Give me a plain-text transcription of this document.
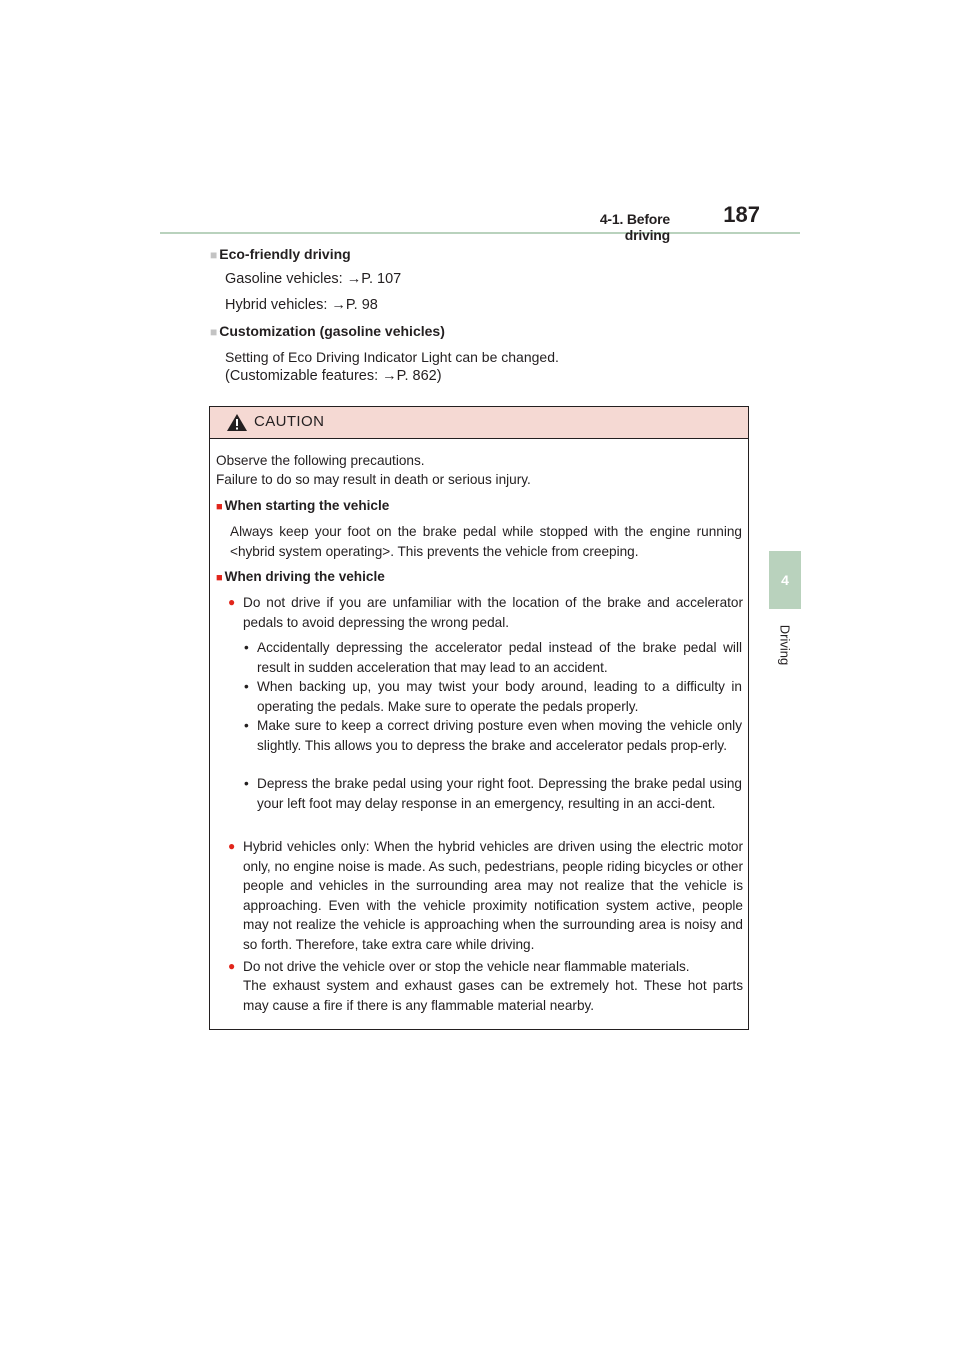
4-1. Before driving
187
4
Driving
■ Eco-friendly driving
Gasoline vehicles: →P. 107
Hybrid vehicles: →P. 98
■ Customization (gasoline vehicles)
Setting of Eco Driving Indicator Light can be changed.
(Customizable features: →P. 862)
CAUTION
Observe the following precautions.
Failure to do so may result in death or serious injury.
■ When starting the vehicle
Always keep your foot on the brake pedal while stopped with the engine running <hybrid system operating>. This prevents the vehicle from creeping.
■ When driving the vehicle
● Do not drive if you are unfamiliar with the location of the brake and accelerator pedals to avoid depressing the wrong pedal.
• Accidentally depressing the accelerator pedal instead of the brake pedal will result in sudden acceleration that may lead to an accident.
• When backing up, you may twist your body around, leading to a difficulty in operating the pedals. Make sure to operate the pedals properly.
• Make sure to keep a correct driving posture even when moving the vehicle only slightly. This allows you to depress the brake and accelerator pedals prop-erly.
• Depress the brake pedal using your right foot. Depressing the brake pedal using your left foot may delay response in an emergency, resulting in an acci-dent.
● Hybrid vehicles only: When the hybrid vehicles are driven using the electric motor only, no engine noise is made. As such, pedestrians, people riding bicycles or other people and vehicles in the surrounding area may not realize that the vehicle is approaching. Even with the vehicle proximity notification system active, people may not realize the vehicle is approaching when the surrounding area is noisy and so forth. Therefore, take extra care while driving.
● Do not drive the vehicle over or stop the vehicle near flammable materials.
The exhaust system and exhaust gases can be extremely hot. These hot parts may cause a fire if there is any flammable material nearby.
